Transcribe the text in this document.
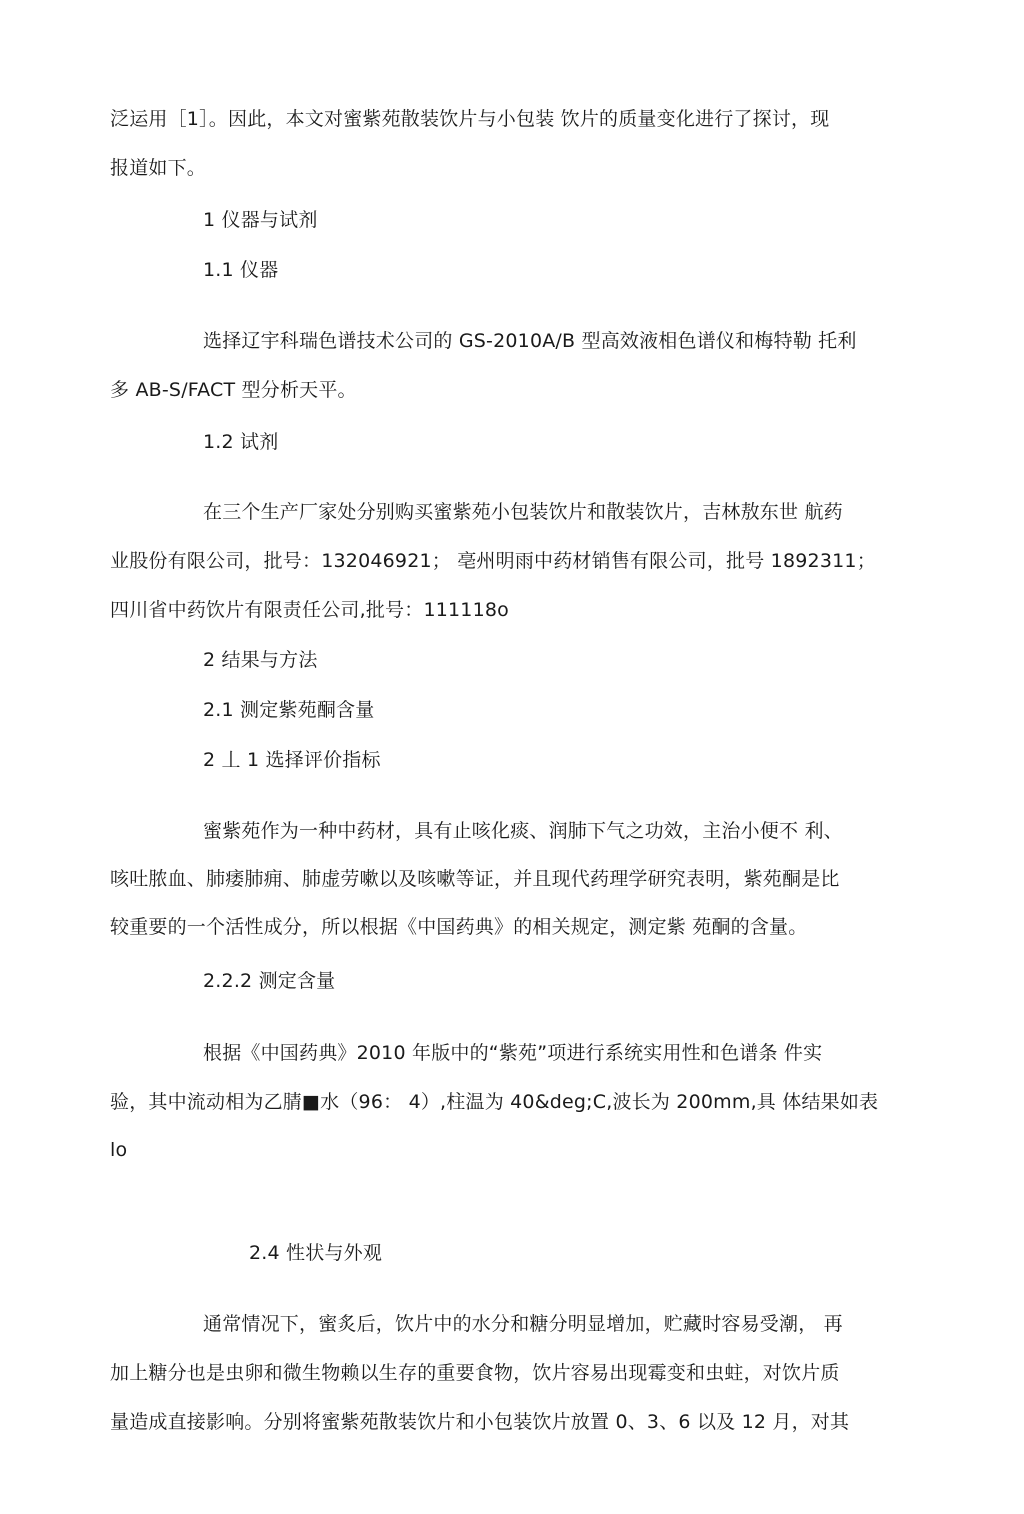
泛运用［1］。因此，本文对蜜紫苑散装饮片与小包装 饮片的质量变化进行了探讨，现
报道如下。
1 仪器与试剂
1.1 仪器
选择辽宇科瑞色谱技术公司的 GS-2010A/B 型高效液相色谱仪和梅特勒 托利
多 AB-S/FACT 型分析天平。
1.2 试剂
在三个生产厂家处分别购买蜜紫苑小包装饮片和散装饮片，吉林敖东世 航药
业股份有限公司，批号：132046921； 亳州明雨中药材销售有限公司，批号 1892311；
四川省中药饮片有限责任公司,批号：111118o
2 结果与方法
2.1 测定紫苑酮含量
2 丄 1 选择评价指标
蜜紫苑作为一种中药材，具有止咳化痰、润肺下气之功效，主治小便不 利、
咳吐脓血、肺痿肺痈、肺虚劳嗽以及咳嗽等证，并且现代药理学研究表明，紫苑酮是比
较重要的一个活性成分，所以根据《中国药典》的相关规定，测定紫 苑酮的含量。
2.2.2 测定含量
根据《中国药典》2010 年版中的“紫苑”项进行系统实用性和色谱条 件实
验，其中流动相为乙腈■水（96： 4）,柱温为 40&deg;C,波长为 200mm,具 体结果如表
lo
2.4 性状与外观
通常情况下，蜜炙后，饮片中的水分和糖分明显增加，贮藏时容易受潮， 再
加上糖分也是虫卵和微生物赖以生存的重要食物，饮片容易出现霉变和虫蛀，对饮片质
量造成直接影响。分别将蜜紫苑散装饮片和小包装饮片放置 0、3、6 以及 12 月，对其
